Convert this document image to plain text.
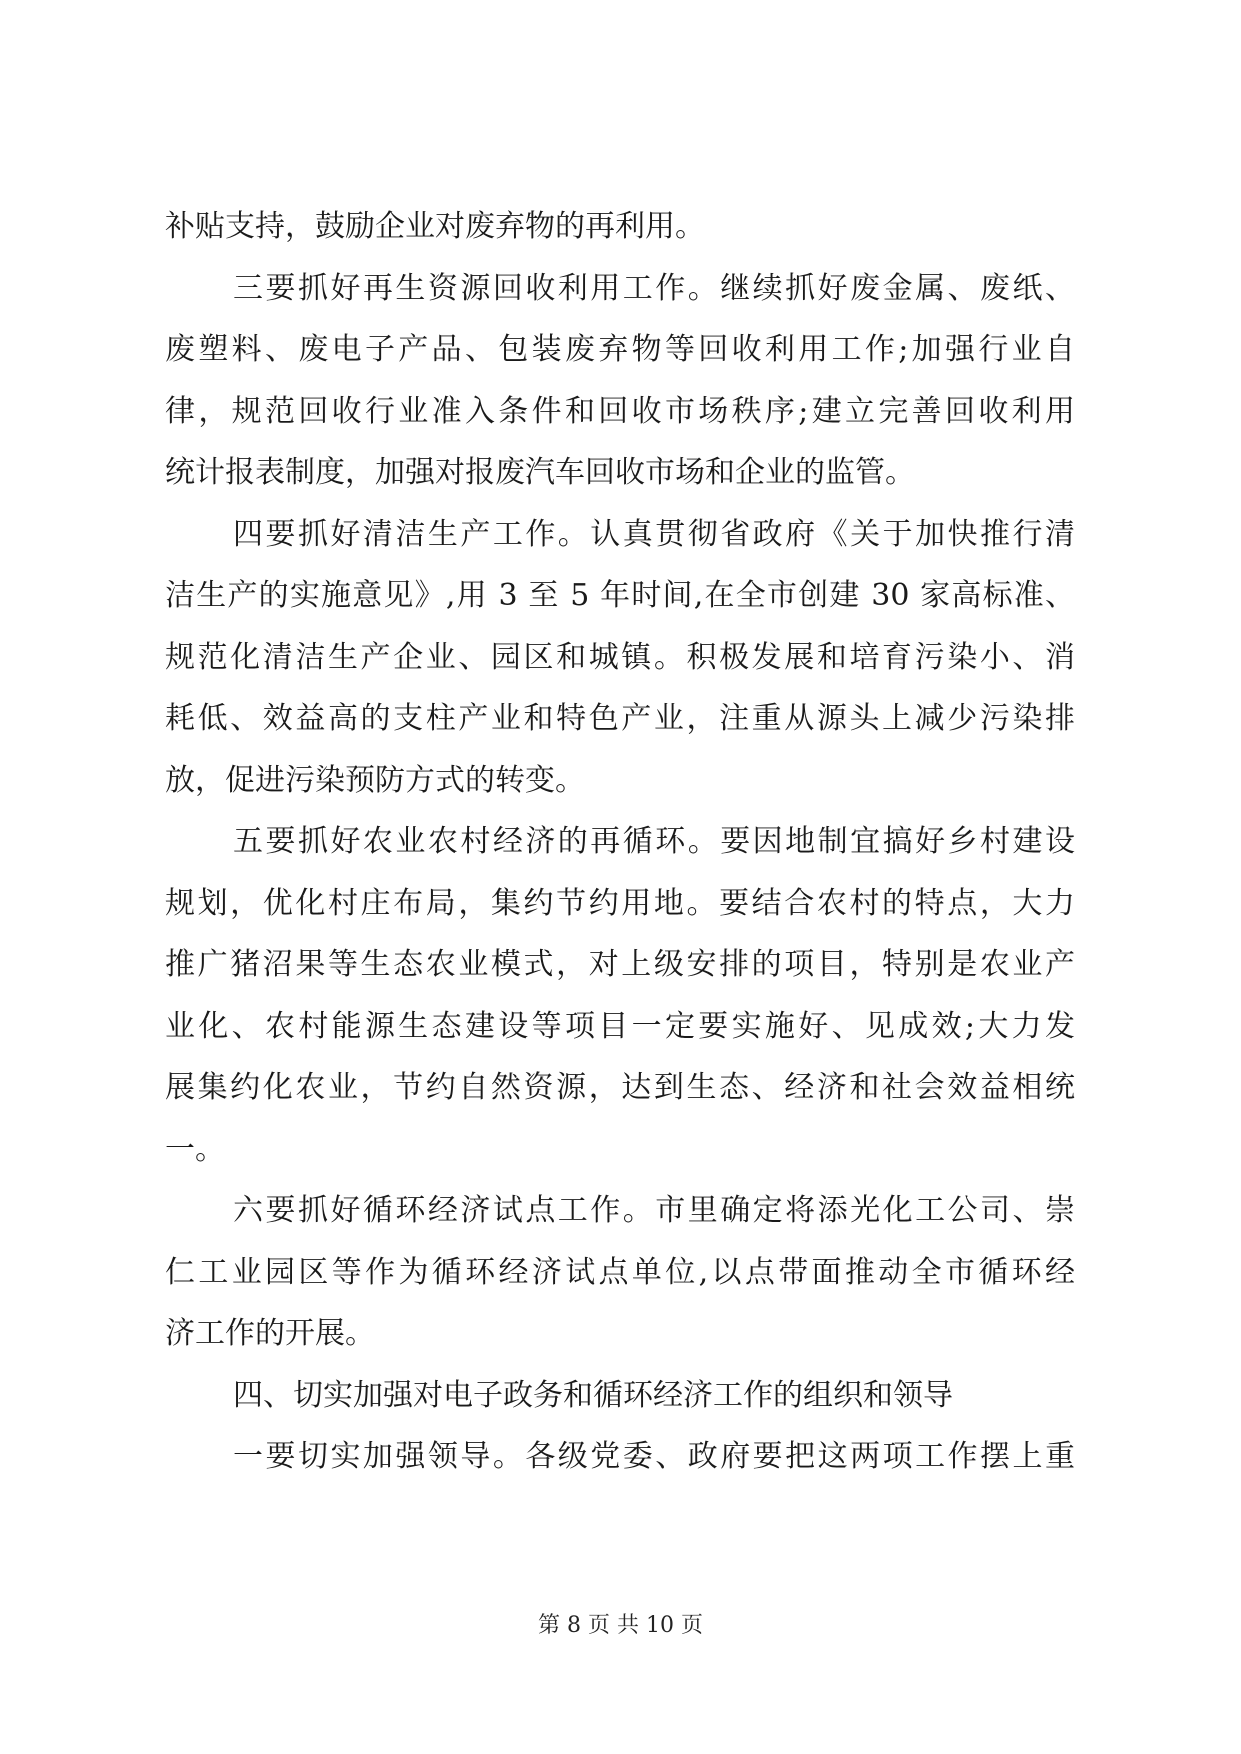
补贴支持，鼓励企业对废弃物的再利用。
三要抓好再生资源回收利用工作。继续抓好废金属、废纸、
废塑料、废电子产品、包装废弃物等回收利用工作;加强行业自
律，规范回收行业准入条件和回收市场秩序;建立完善回收利用
统计报表制度，加强对报废汽车回收市场和企业的监管。
四要抓好清洁生产工作。认真贯彻省政府《关于加快推行清
洁生产的实施意见》,用 3 至 5 年时间,在全市创建 30 家高标准、
规范化清洁生产企业、园区和城镇。积极发展和培育污染小、消
耗低、效益高的支柱产业和特色产业，注重从源头上减少污染排
放，促进污染预防方式的转变。
五要抓好农业农村经济的再循环。要因地制宜搞好乡村建设
规划，优化村庄布局，集约节约用地。要结合农村的特点，大力
推广猪沼果等生态农业模式，对上级安排的项目，特别是农业产
业化、农村能源生态建设等项目一定要实施好、见成效;大力发
展集约化农业，节约自然资源，达到生态、经济和社会效益相统
一。
六要抓好循环经济试点工作。市里确定将添光化工公司、崇
仁工业园区等作为循环经济试点单位,以点带面推动全市循环经
济工作的开展。
四、切实加强对电子政务和循环经济工作的组织和领导
一要切实加强领导。各级党委、政府要把这两项工作摆上重
第 8 页 共 10 页
